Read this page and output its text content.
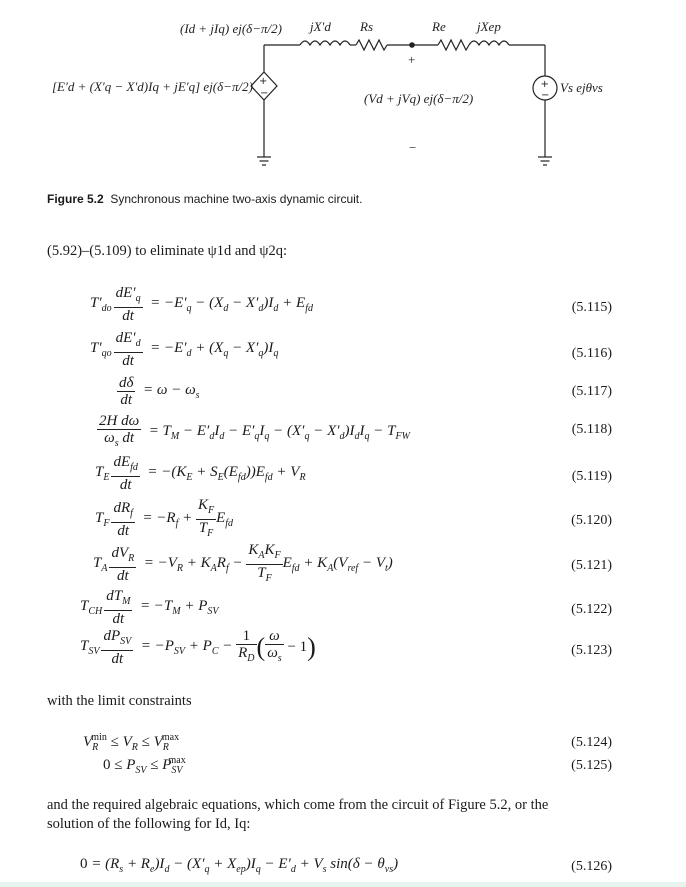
+
−
+
−
(Id + jIq) ej(δ−π/2) jX′d Rs	Re jXep
+
−
[E′d + (X′q − X′d)Iq + jE′q] ej(δ−π/2)
(Vd + jVq) ej(δ−π/2)
Vs ejθvs
Figure 5.2 Synchronous machine two-axis dynamic circuit.
(5.92)–(5.109) to eliminate ψ1d and ψ2q:
$T'_{do} \frac{dE'_q}{dt} = -E'_q - (X_d - X'_d)I_d + E_{fd}$	(5.115)
$T'_{qo} \frac{dE'_d}{dt} = -E'_d + (X_q - X'_q)I_q$	(5.116)
$\frac{d\delta}{dt} = \omega - \omega_s$	(5.117)
$\frac{\text{2H dω}}{\omega_s dt} = T_M - E'_dI_d - E'_qI_q - (X'_q - X'_d)I_dI_q - T_{FW}$	(5.118)
$T_E \frac{dE_{fd}}{dt} = -(K_E + S_E(E_{fd}))E_{fd} + V_R$	(5.119)
$T_F \frac{dR_f}{dt} = -R_f + \frac{K_F}{T_F} E_{fd}$	(5.120)
$T_A \frac{dV_R}{dt} = -V_R + K_AR_f - \frac{K_AK_F}{T_F} E_{fd} + K_A(V_{ref} - V_t)$	(5.121)
$T_{CH} \frac{dT_M}{dt} = -T_M + P_{SV}$	(5.122)
$T_{SV} \frac{dP_{SV}}{dt} = -P_{SV} + P_C - \frac{1}{R_D}$ ( $\frac{\omega}{\omega_s} - 1$)	(5.123)
with the limit constraints
$V_R^{min} \le V_R \le V_R^{max}$	(5.124)
$0 \le P_{SV} \le P_{SV}^{max}$	(5.125)
and the required algebraic equations, which come from the circuit of Figure 5.2, or the
solution of the following for Id, Iq:
$0 = (R_s + R_e)I_d - (X'_q + X_{ep})I_q - E'_d + V_s$ $\sin(\delta - \theta_{vs})$	(5.126)
